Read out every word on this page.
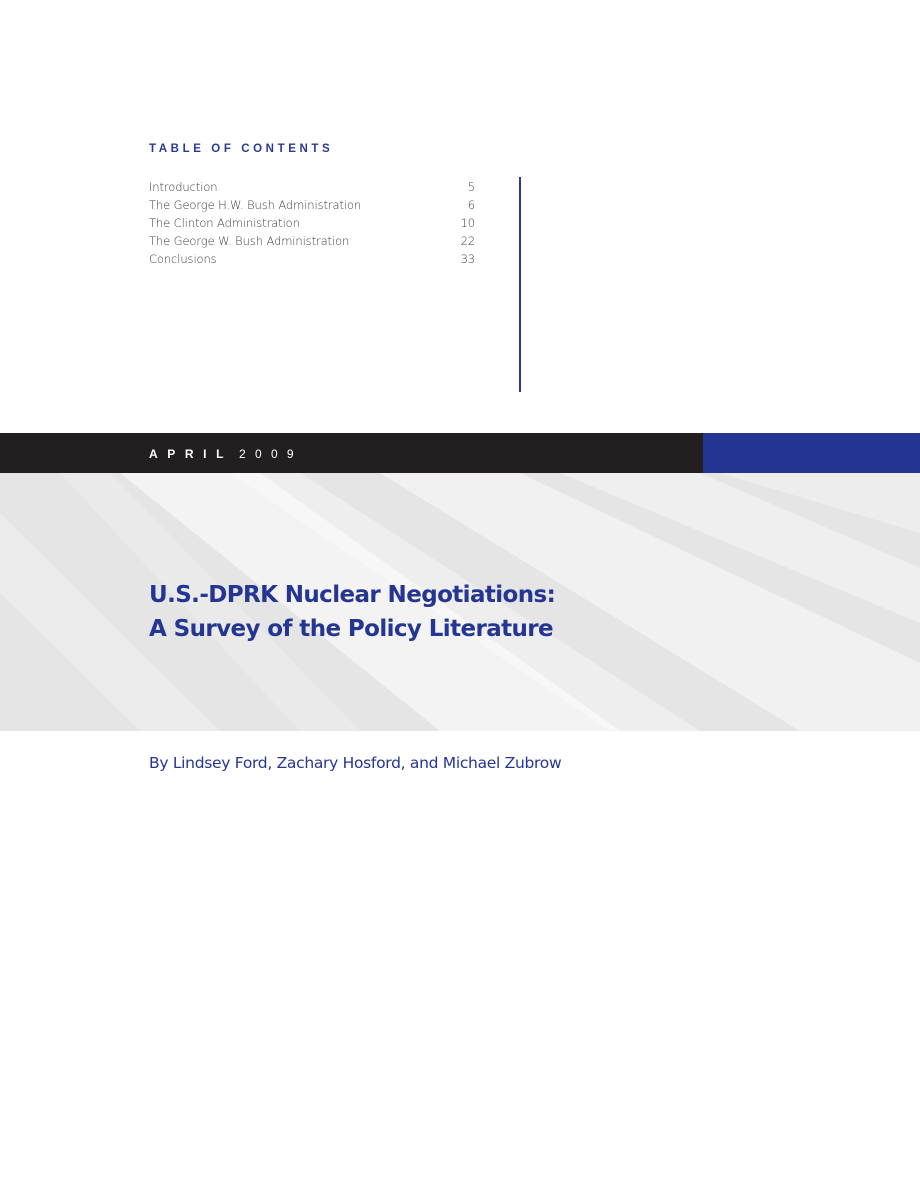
TABLE OF CONTENTS
Introduction	5
The George H.W. Bush Administration	6
The Clinton Administration	10
The George W. Bush Administration	22
Conclusions	33
APRIL 2009
U.S.-DPRK Nuclear Negotiations:
A Survey of the Policy Literature
By Lindsey Ford, Zachary Hosford, and Michael Zubrow
